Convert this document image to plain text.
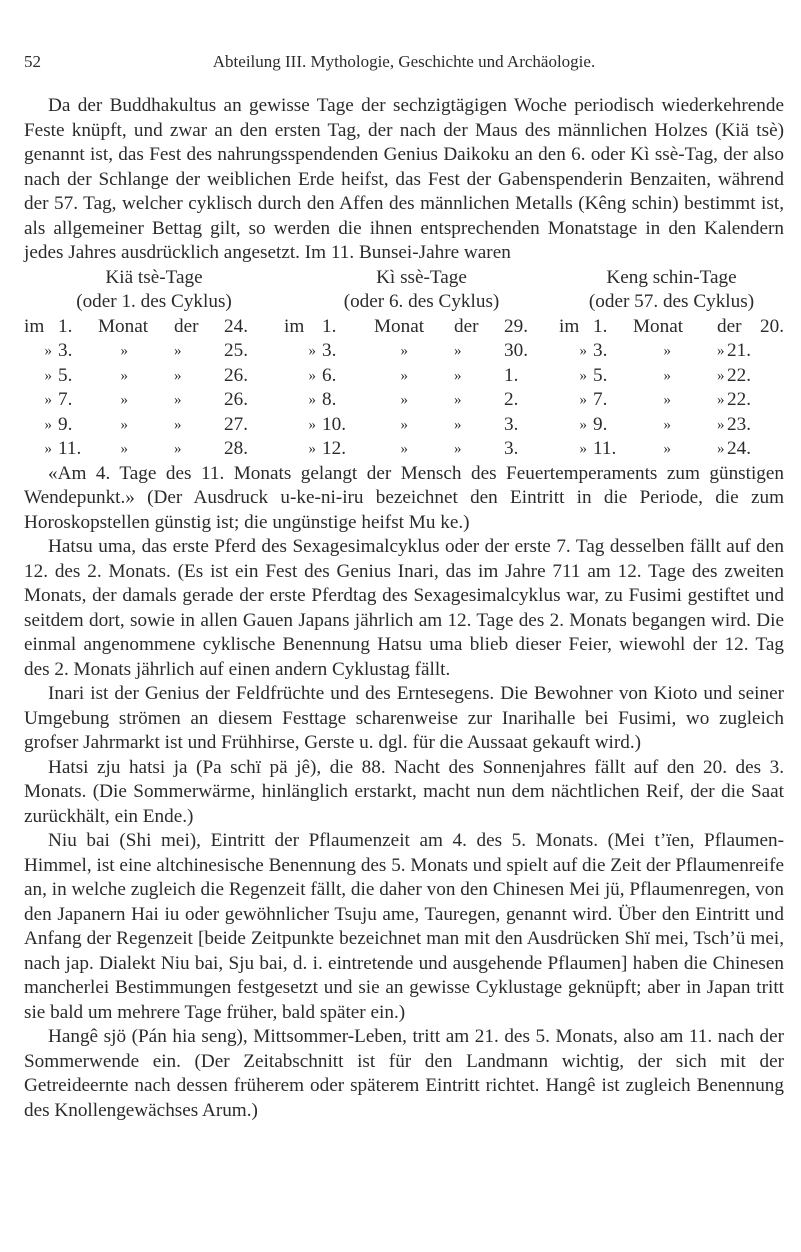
52	Abteilung III. Mythologie, Geschichte und Archäologie.

Da der Buddhakultus an gewisse Tage der sechzigtägigen Woche periodisch wiederkehrende Feste knüpft, und zwar an den ersten Tag, der nach der Maus des männlichen Holzes (Kiä tsè) genannt ist, das Fest des nahrungsspendenden Genius Daikoku an den 6. oder Kì ssè-Tag, der also nach der Schlange der weiblichen Erde heifst, das Fest der Gabenspenderin Benzaiten, während der 57. Tag, welcher cyklisch durch den Affen des männlichen Metalls (Kêng schin) bestimmt ist, als allgemeiner Bettag gilt, so werden die ihnen entsprechenden Monatstage in den Kalendern jedes Jahres ausdrücklich angesetzt. Im 11. Bunsei-Jahre waren

Kiä tsè-Tage	Kì ssè-Tage	Keng schin-Tage
(oder 1. des Cyklus)	(oder 6. des Cyklus)	(oder 57. des Cyklus)

im 1. Monat der 24.	im 1. Monat der 29.	im 1. Monat der 20.

» 3. » » 25.	» 3. » » 30.	» 3. » » 21.

» 5. » » 26.	» 6. » » 1.	» 5. » » 22.

» 7. » » 26.	» 8. » » 2.	» 7. » » 22.

» 9. » » 27.	» 10. » » 3.	» 9. » » 23.

» 11. » » 28.	» 12. » » 3.	» 11. » » 24.

«Am 4. Tage des 11. Monats gelangt der Mensch des Feuertemperaments zum günstigen Wendepunkt.» (Der Ausdruck u-ke-ni-iru bezeichnet den Eintritt in die Periode, die zum Horoskopstellen günstig ist; die ungünstige heifst Mu ke.)

Hatsu uma, das erste Pferd des Sexagesimalcyklus oder der erste 7. Tag desselben fällt auf den 12. des 2. Monats. (Es ist ein Fest des Genius Inari, das im Jahre 711 am 12. Tage des zweiten Monats, der damals gerade der erste Pferdtag des Sexagesimalcyklus war, zu Fusimi gestiftet und seitdem dort, sowie in allen Gauen Japans jährlich am 12. Tage des 2. Monats begangen wird. Die einmal angenommene cyklische Benennung Hatsu uma blieb dieser Feier, wiewohl der 12. Tag des 2. Monats jährlich auf einen andern Cyklustag fällt.

Inari ist der Genius der Feldfrüchte und des Erntesegens. Die Bewohner von Kioto und seiner Umgebung strömen an diesem Festtage scharenweise zur Inarihalle bei Fusimi, wo zugleich grofser Jahrmarkt ist und Frühhirse, Gerste u. dgl. für die Aussaat gekauft wird.)

Hatsi zju hatsi ja (Pa schï pä jê), die 88. Nacht des Sonnenjahres fällt auf den 20. des 3. Monats. (Die Sommerwärme, hinlänglich erstarkt, macht nun dem nächtlichen Reif, der die Saat zurückhält, ein Ende.)

Niu bai (Shi mei), Eintritt der Pflaumenzeit am 4. des 5. Monats. (Mei t’ïen, Pflaumen-Himmel, ist eine altchinesische Benennung des 5. Monats und spielt auf die Zeit der Pflaumenreife an, in welche zugleich die Regenzeit fällt, die daher von den Chinesen Mei jü, Pflaumenregen, von den Japanern Hai iu oder gewöhnlicher Tsuju ame, Tauregen, genannt wird. Über den Eintritt und Anfang der Regenzeit [beide Zeitpunkte bezeichnet man mit den Ausdrücken Shï mei, Tsch’ü mei, nach jap. Dialekt Niu bai, Sju bai, d. i. eintretende und ausgehende Pflaumen] haben die Chinesen mancherlei Bestimmungen festgesetzt und sie an gewisse Cyklustage geknüpft; aber in Japan tritt sie bald um mehrere Tage früher, bald später ein.)

Hangê sjö (Pán hia seng), Mittsommer-Leben, tritt am 21. des 5. Monats, also am 11. nach der Sommerwende ein. (Der Zeitabschnitt ist für den Landmann wichtig, der sich mit der Getreideernte nach dessen früherem oder späterem Eintritt richtet. Hangê ist zugleich Benennung des Knollengewächses Arum.)
